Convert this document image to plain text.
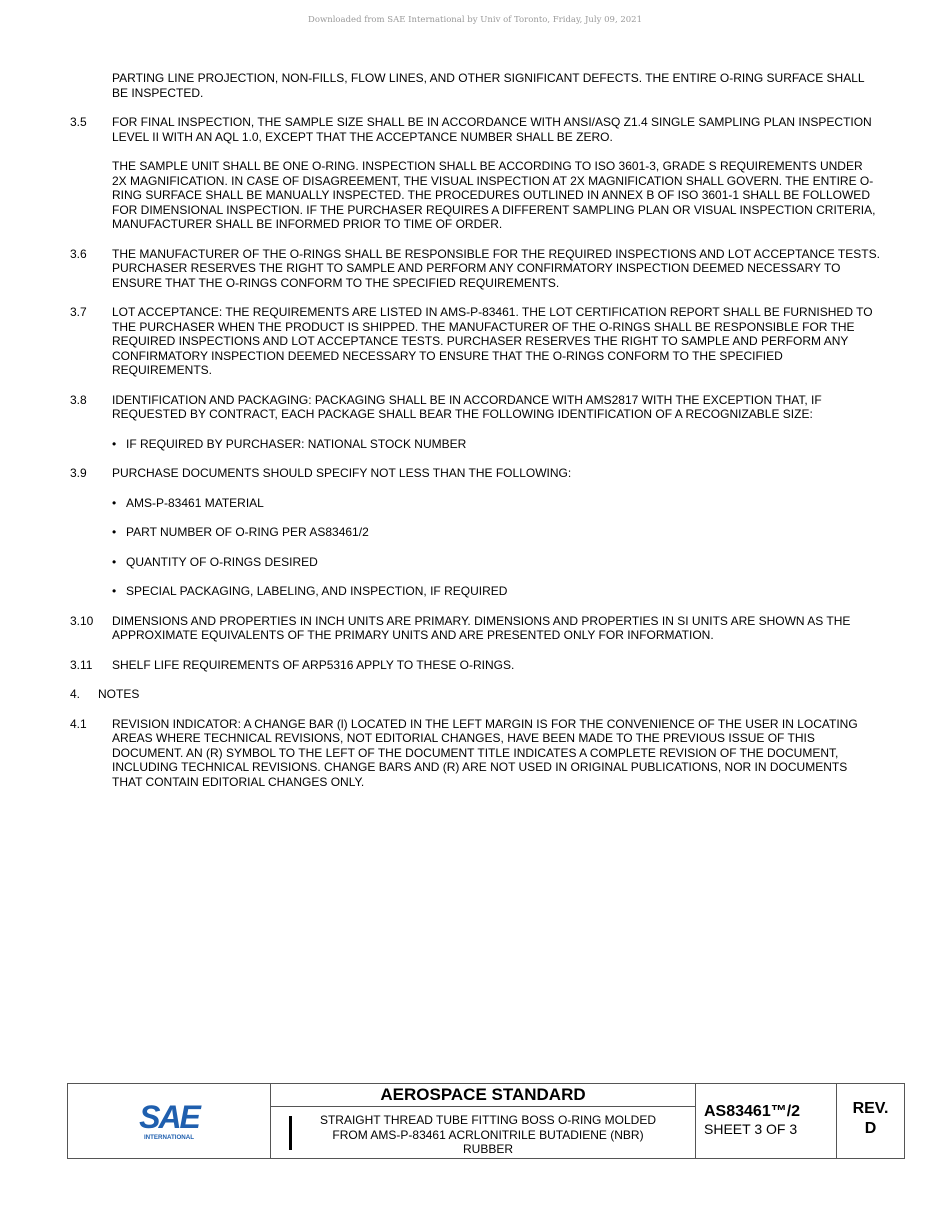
Downloaded from SAE International by Univ of Toronto, Friday, July 09, 2021
PARTING LINE PROJECTION, NON-FILLS, FLOW LINES, AND OTHER SIGNIFICANT DEFECTS. THE ENTIRE O-RING SURFACE SHALL BE INSPECTED.
3.5	FOR FINAL INSPECTION, THE SAMPLE SIZE SHALL BE IN ACCORDANCE WITH ANSI/ASQ Z1.4 SINGLE SAMPLING PLAN INSPECTION LEVEL II WITH AN AQL 1.0, EXCEPT THAT THE ACCEPTANCE NUMBER SHALL BE ZERO.
THE SAMPLE UNIT SHALL BE ONE O-RING. INSPECTION SHALL BE ACCORDING TO ISO 3601-3, GRADE S REQUIREMENTS UNDER 2X MAGNIFICATION. IN CASE OF DISAGREEMENT, THE VISUAL INSPECTION AT 2X MAGNIFICATION SHALL GOVERN. THE ENTIRE O-RING SURFACE SHALL BE MANUALLY INSPECTED. THE PROCEDURES OUTLINED IN ANNEX B OF ISO 3601-1 SHALL BE FOLLOWED FOR DIMENSIONAL INSPECTION. IF THE PURCHASER REQUIRES A DIFFERENT SAMPLING PLAN OR VISUAL INSPECTION CRITERIA, MANUFACTURER SHALL BE INFORMED PRIOR TO TIME OF ORDER.
3.6	THE MANUFACTURER OF THE O-RINGS SHALL BE RESPONSIBLE FOR THE REQUIRED INSPECTIONS AND LOT ACCEPTANCE TESTS. PURCHASER RESERVES THE RIGHT TO SAMPLE AND PERFORM ANY CONFIRMATORY INSPECTION DEEMED NECESSARY TO ENSURE THAT THE O-RINGS CONFORM TO THE SPECIFIED REQUIREMENTS.
3.7	LOT ACCEPTANCE: THE REQUIREMENTS ARE LISTED IN AMS-P-83461. THE LOT CERTIFICATION REPORT SHALL BE FURNISHED TO THE PURCHASER WHEN THE PRODUCT IS SHIPPED. THE MANUFACTURER OF THE O-RINGS SHALL BE RESPONSIBLE FOR THE REQUIRED INSPECTIONS AND LOT ACCEPTANCE TESTS. PURCHASER RESERVES THE RIGHT TO SAMPLE AND PERFORM ANY CONFIRMATORY INSPECTION DEEMED NECESSARY TO ENSURE THAT THE O-RINGS CONFORM TO THE SPECIFIED REQUIREMENTS.
3.8	IDENTIFICATION AND PACKAGING: PACKAGING SHALL BE IN ACCORDANCE WITH AMS2817 WITH THE EXCEPTION THAT, IF REQUESTED BY CONTRACT, EACH PACKAGE SHALL BEAR THE FOLLOWING IDENTIFICATION OF A RECOGNIZABLE SIZE:
• IF REQUIRED BY PURCHASER: NATIONAL STOCK NUMBER
3.9	PURCHASE DOCUMENTS SHOULD SPECIFY NOT LESS THAN THE FOLLOWING:
• AMS-P-83461 MATERIAL
• PART NUMBER OF O-RING PER AS83461/2
• QUANTITY OF O-RINGS DESIRED
• SPECIAL PACKAGING, LABELING, AND INSPECTION, IF REQUIRED
3.10	DIMENSIONS AND PROPERTIES IN INCH UNITS ARE PRIMARY. DIMENSIONS AND PROPERTIES IN SI UNITS ARE SHOWN AS THE APPROXIMATE EQUIVALENTS OF THE PRIMARY UNITS AND ARE PRESENTED ONLY FOR INFORMATION.
3.11	SHELF LIFE REQUIREMENTS OF ARP5316 APPLY TO THESE O-RINGS.
4. NOTES
4.1	REVISION INDICATOR: A CHANGE BAR (l) LOCATED IN THE LEFT MARGIN IS FOR THE CONVENIENCE OF THE USER IN LOCATING AREAS WHERE TECHNICAL REVISIONS, NOT EDITORIAL CHANGES, HAVE BEEN MADE TO THE PREVIOUS ISSUE OF THIS DOCUMENT. AN (R) SYMBOL TO THE LEFT OF THE DOCUMENT TITLE INDICATES A COMPLETE REVISION OF THE DOCUMENT, INCLUDING TECHNICAL REVISIONS. CHANGE BARS AND (R) ARE NOT USED IN ORIGINAL PUBLICATIONS, NOR IN DOCUMENTS THAT CONTAIN EDITORIAL CHANGES ONLY.
SAE
INTERNATIONAL
AEROSPACE STANDARD
STRAIGHT THREAD TUBE FITTING BOSS O-RING MOLDED FROM AMS-P-83461 ACRLONITRILE BUTADIENE (NBR) RUBBER
AS83461™/2
SHEET 3 OF 3
REV.
D
